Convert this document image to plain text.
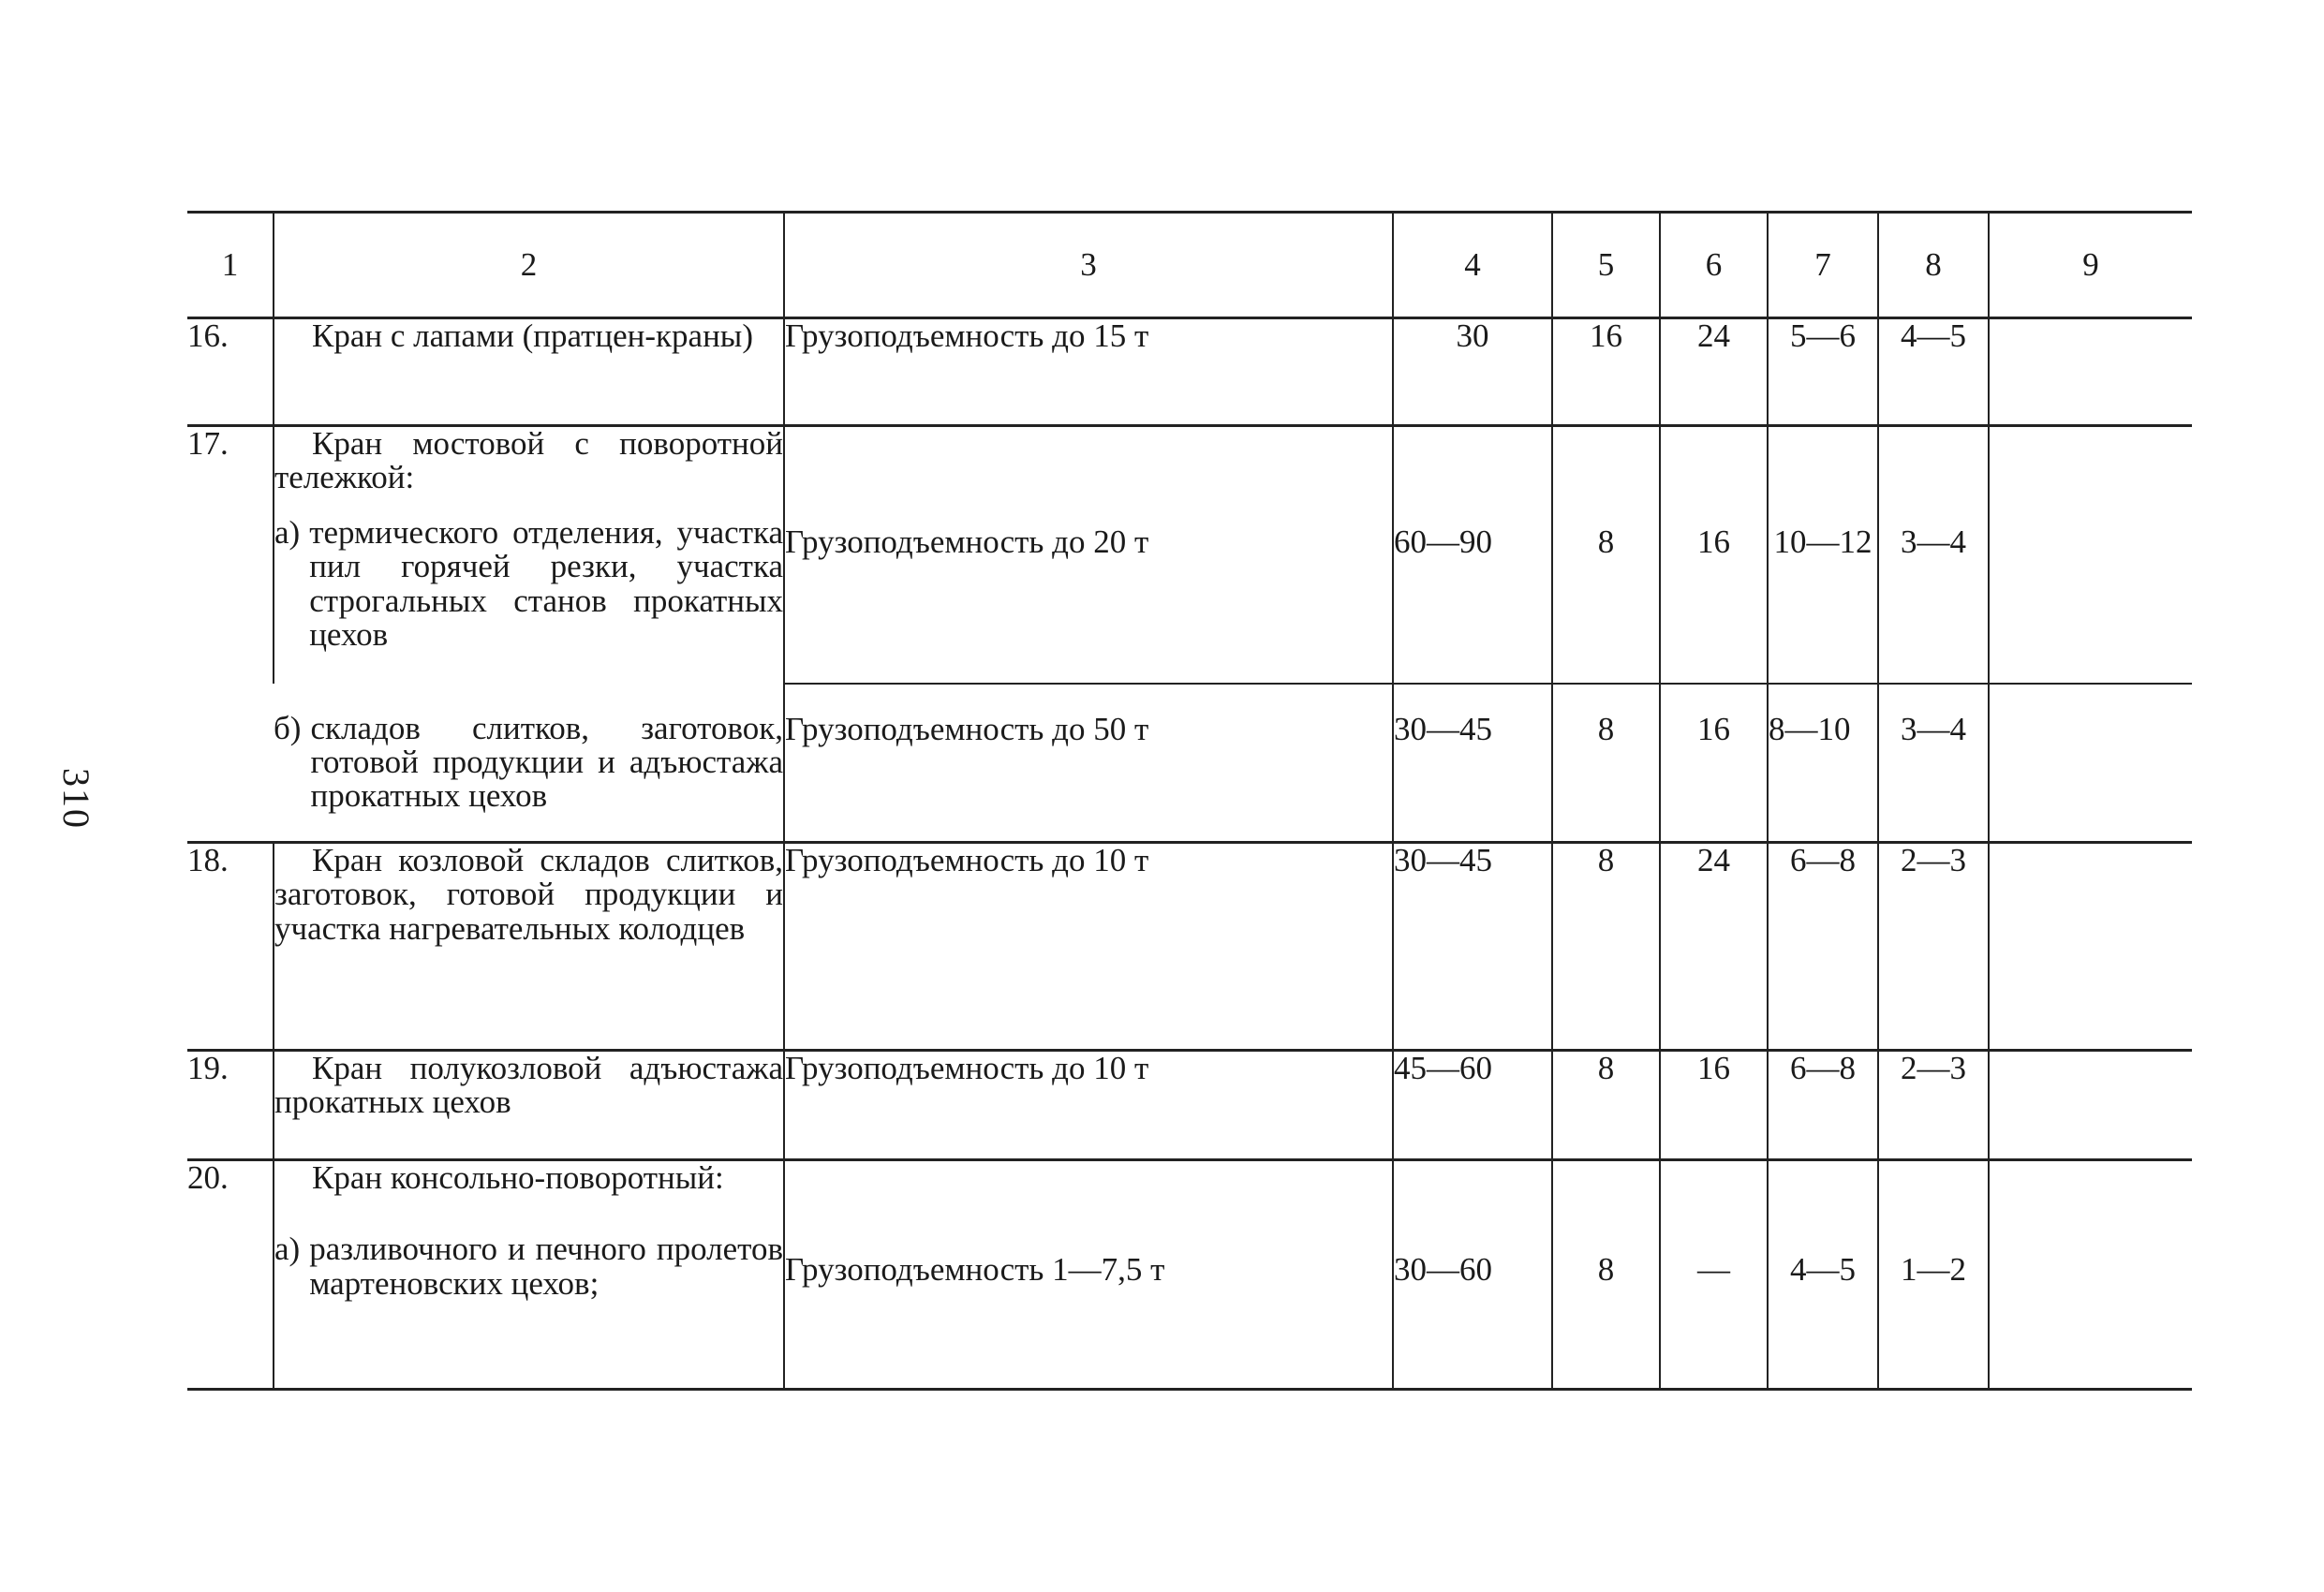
310
1	2	3	4	5	6	7	8	9
16.	Кран с лапами (пратцен-краны)	Грузоподъемность до 15 т	30	16	24	5—6	4—5	
17.	Кран мостовой с поворотной тележкой:
а) термического отделения, участка пил горячей резки, участка строгальных станов прокатных цехов	Грузоподъемность до 20 т	60—90	8	16	10—12	3—4	

	б) складов слитков, заготовок, готовой продукции и адъюстажа прокатных цехов	Грузоподъемность до 50 т	30—45	8	16	8—10	3—4	
18.	Кран козловой складов слитков, заготовок, готовой продукции и участка нагревательных колодцев	Грузоподъемность до 10 т	30—45	8	24	6—8	2—3	
19.	Кран полукозловой адъюстажа прокатных цехов	Грузоподъемность до 10 т	45—60	8	16	6—8	2—3	
20.	Кран консольно-поворотный:
а) разливочного и печного пролетов мартеновских цехов;	Грузоподъемность 1—7,5 т	30—60	8	—	4—5	1—2	
